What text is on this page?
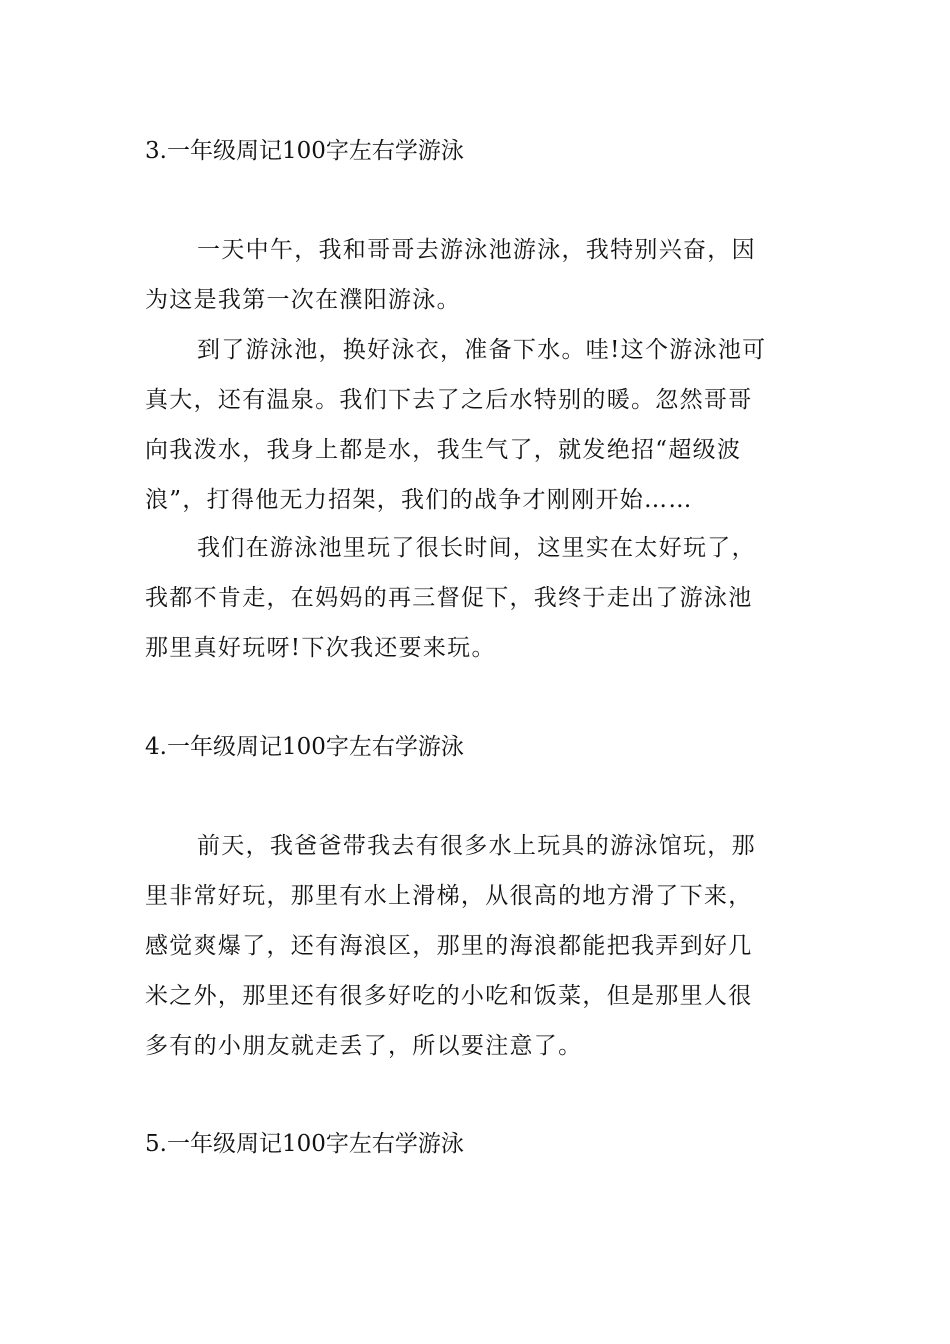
3.一年级周记100字左右学游泳
一天中午，我和哥哥去游泳池游泳，我特别兴奋，因
为这是我第一次在濮阳游泳。
到了游泳池，换好泳衣，准备下水。哇!这个游泳池可
真大，还有温泉。我们下去了之后水特别的暖。忽然哥哥
向我泼水，我身上都是水，我生气了，就发绝招“超级波
浪”，打得他无力招架，我们的战争才刚刚开始……
我们在游泳池里玩了很长时间，这里实在太好玩了，
我都不肯走，在妈妈的再三督促下，我终于走出了游泳池
那里真好玩呀!下次我还要来玩。
4.一年级周记100字左右学游泳
前天，我爸爸带我去有很多水上玩具的游泳馆玩，那
里非常好玩，那里有水上滑梯，从很高的地方滑了下来，
感觉爽爆了，还有海浪区，那里的海浪都能把我弄到好几
米之外，那里还有很多好吃的小吃和饭菜，但是那里人很
多有的小朋友就走丢了，所以要注意了。
5.一年级周记100字左右学游泳
